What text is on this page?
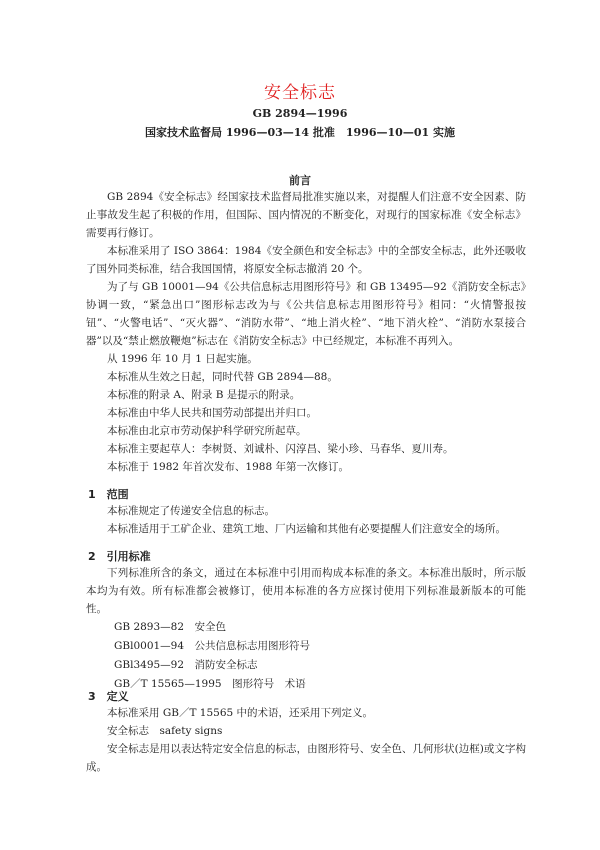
安全标志
GB 2894—1996
国家技术监督局 1996—03—14 批准　1996—10—01 实施
前言

GB 2894《安全标志》经国家技术监督局批准实施以来，对提醒人们注意不安全因素、防止事故发生起了积极的作用，但国际、国内情况的不断变化，对现行的国家标准《安全标志》需要再行修订。

本标准采用了 ISO 3864：1984《安全颜色和安全标志》中的全部安全标志，此外还吸收了国外同类标准，结合我国国情，将原安全标志撤消 20 个。

为了与 GB 10001—94《公共信息标志用图形符号》和 GB 13495—92《消防安全标志》协调一致，“紧急出口”图形标志改为与《公共信息标志用图形符号》相同：“火情警报按钮”、“火警电话”、“灭火器”、“消防水带”、“地上消火栓”、“地下消火栓”、“消防水泵接合器”以及“禁止燃放鞭炮”标志在《消防安全标志》中已经规定，本标准不再列入。

从 1996 年 10 月 1 日起实施。

本标准从生效之日起，同时代替 GB 2894—88。

本标准的附录 A、附录 B 是提示的附录。

本标准由中华人民共和国劳动部提出并归口。

本标准由北京市劳动保护科学研究所起草。

本标准主要起草人：李树贤、刘诚朴、闪淳昌、梁小珍、马春华、夏川寿。

本标准于 1982 年首次发布、1988 年第一次修订。

1　范围

本标准规定了传递安全信息的标志。

本标准适用于工矿企业、建筑工地、厂内运输和其他有必要提醒人们注意安全的场所。

2　引用标准

下列标准所含的条文，通过在本标准中引用而构成本标准的条文。本标准出版时，所示版本均为有效。所有标准都会被修订，使用本标准的各方应探讨使用下列标准最新版本的可能性。

GB 2893—82　安全色

GBl0001—94　公共信息标志用图形符号

GBl3495—92　消防安全标志

GB／T 15565—1995　图形符号　术语

3　定义

本标准采用 GB／T 15565 中的术语，还采用下列定义。

安全标志　safety signs

安全标志是用以表达特定安全信息的标志，由图形符号、安全色、几何形状(边框)或文字构成。
